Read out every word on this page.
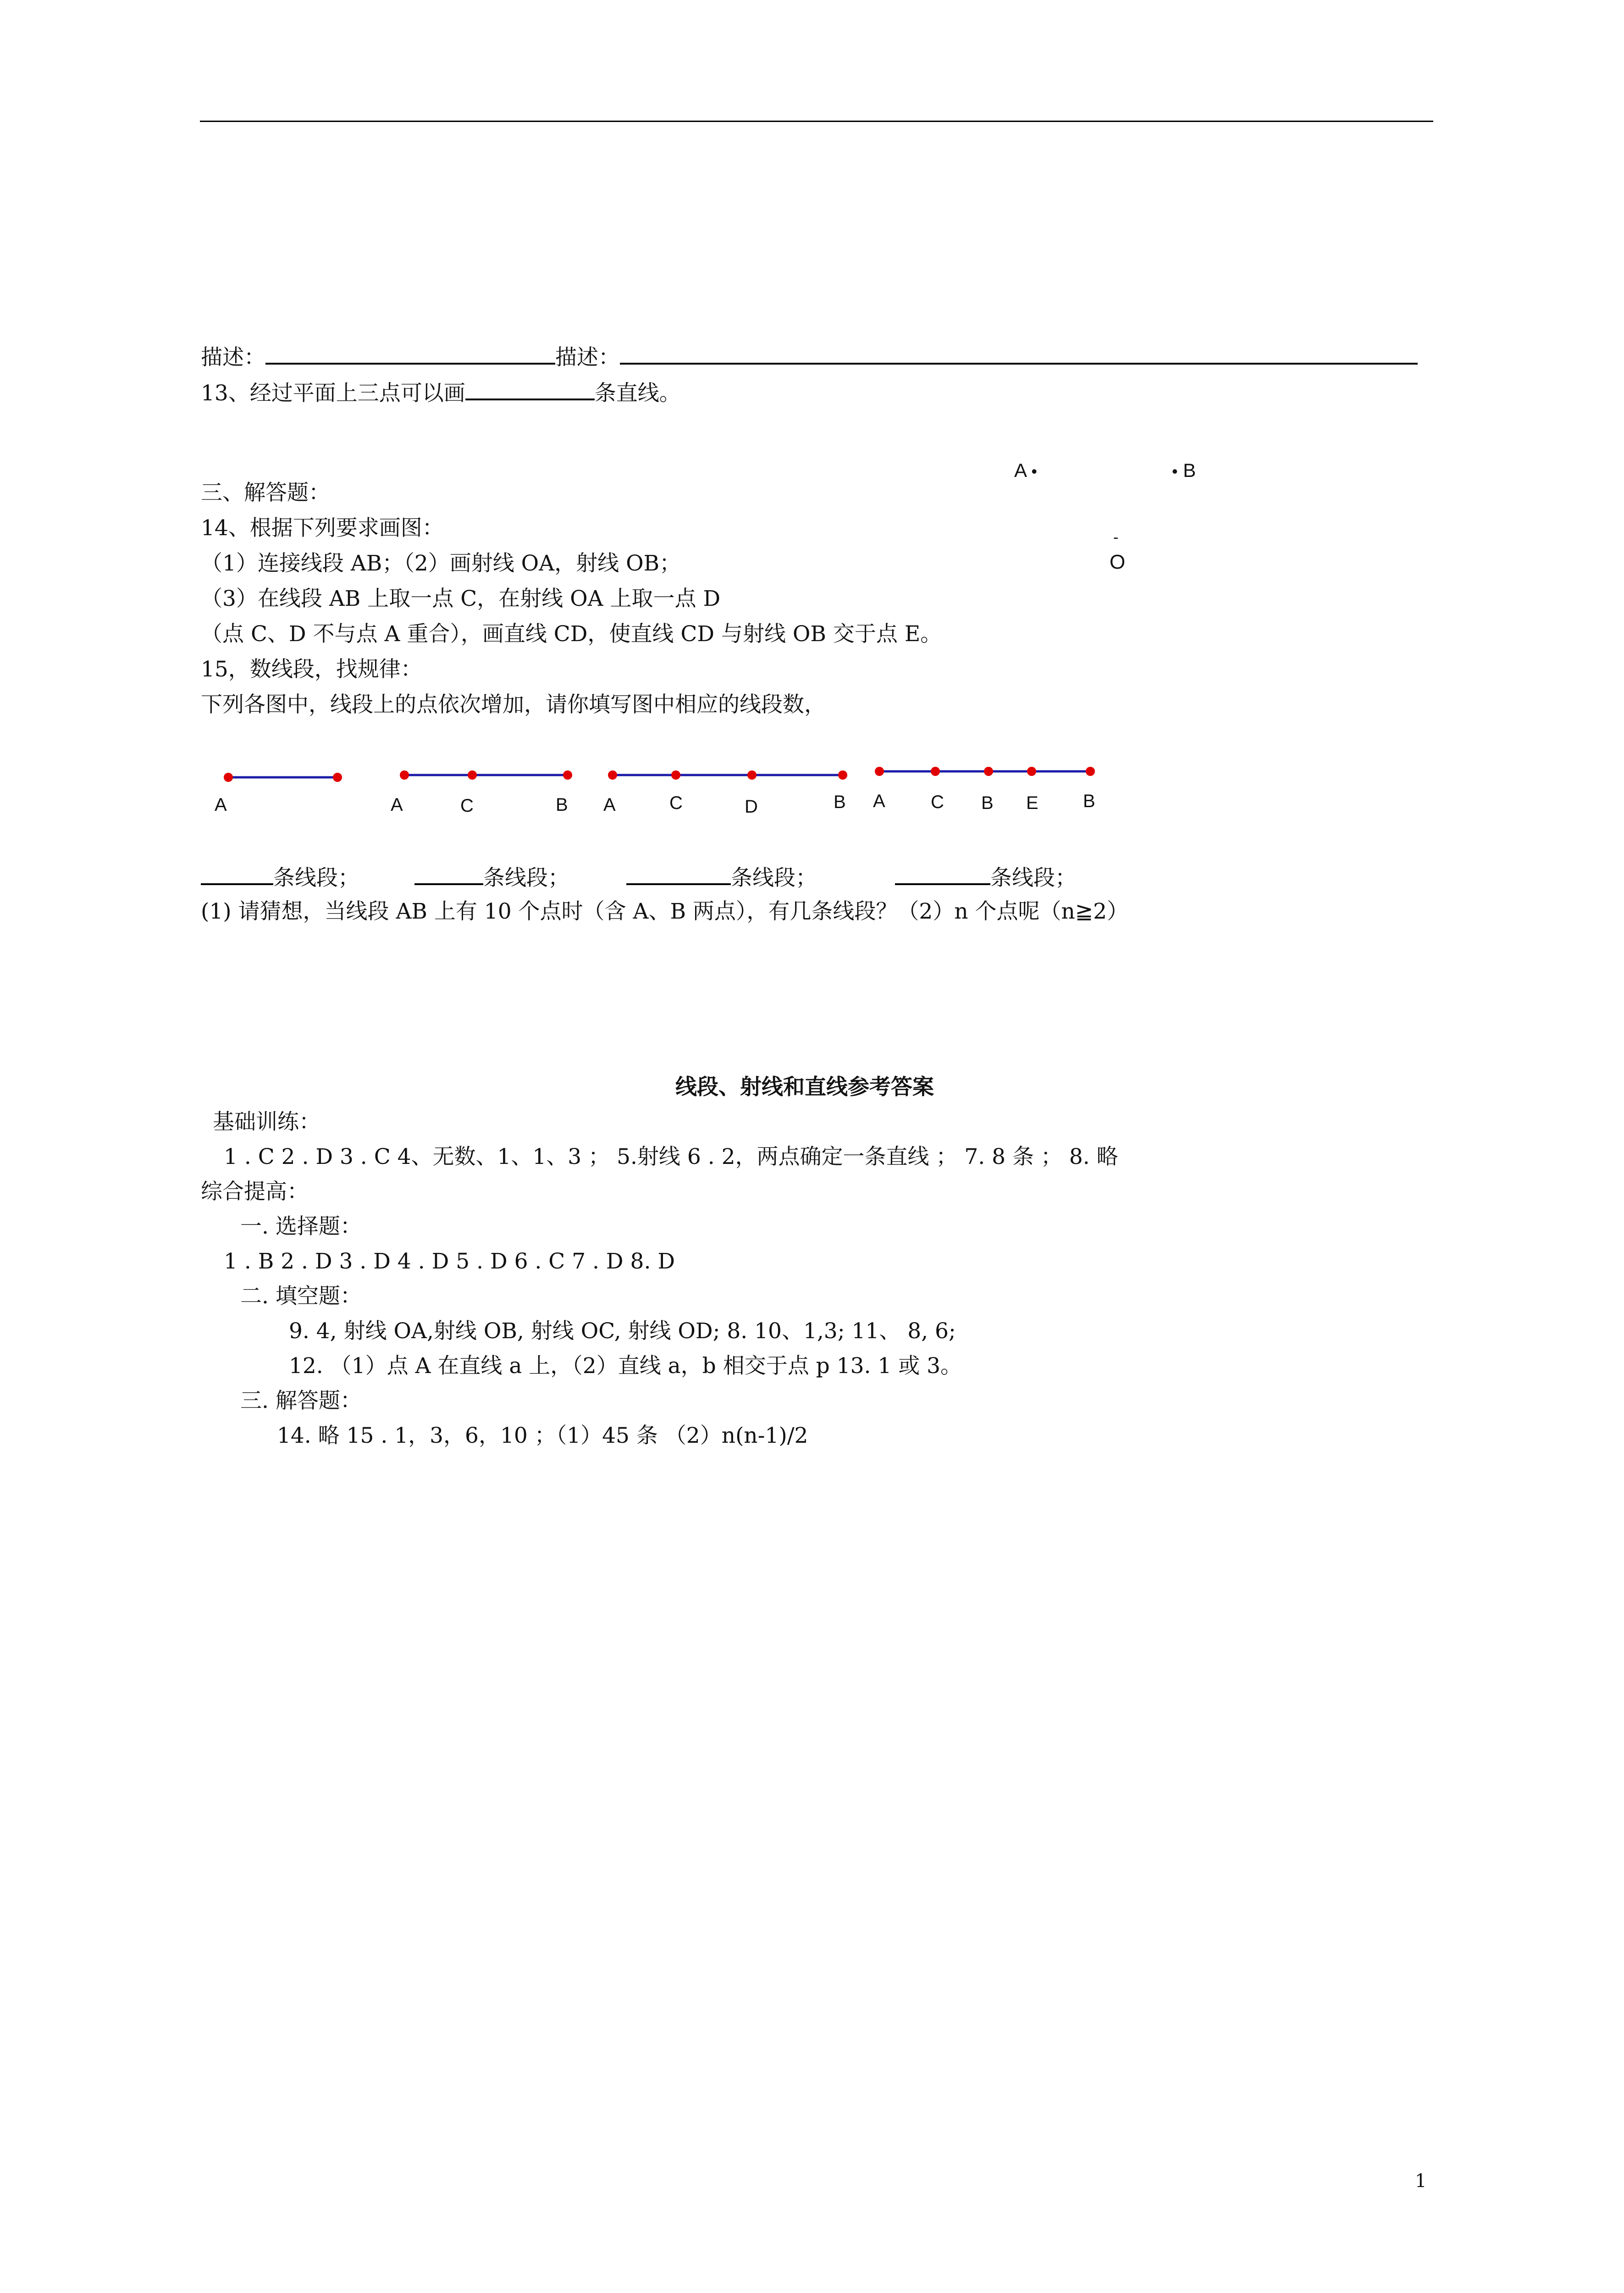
描述：	描述：
13、经过平面上三点可以画	条直线。
A •	• B
-
O
三、解答题：
14、根据下列要求画图：
（1）连接线段 AB；（2）画射线 OA，射线 OB；
（3）在线段 AB 上取一点 C，在射线 OA 上取一点 D
（点 C、D 不与点 A 重合），画直线 CD，使直线 CD 与射线 OB 交于点 E。
15，数线段，找规律：
下列各图中，线段上的点依次增加，请你填写图中相应的线段数，
A	A	C	B A	C	D	B A C B E B
条线段；	条线段；	条线段；	条线段；
(1) 请猜想，当线段 AB 上有 10 个点时（含 A、B 两点），有几条线段？（2）n 个点呢（n≧2）
线段、射线和直线参考答案
基础训练：
1 . C 2 . D 3 . C 4、无数、1、1、3 ； 5.射线 6 . 2，两点确定一条直线 ； 7. 8 条 ； 8. 略
综合提高：
一. 选择题：
1 . B 2 . D 3 . D 4 . D 5 . D 6 . C 7 . D 8. D
二. 填空题：
9. 4, 射线 OA,射线 OB, 射线 OC, 射线 OD; 8. 10、1,3; 11、 8, 6;
12. （1）点 A 在直线 a 上，（2）直线 a，b 相交于点 p 13. 1 或 3。
三. 解答题：
14. 略 15 . 1，3，6，10 ；（1）45 条 （2）n(n-1)/2
1
